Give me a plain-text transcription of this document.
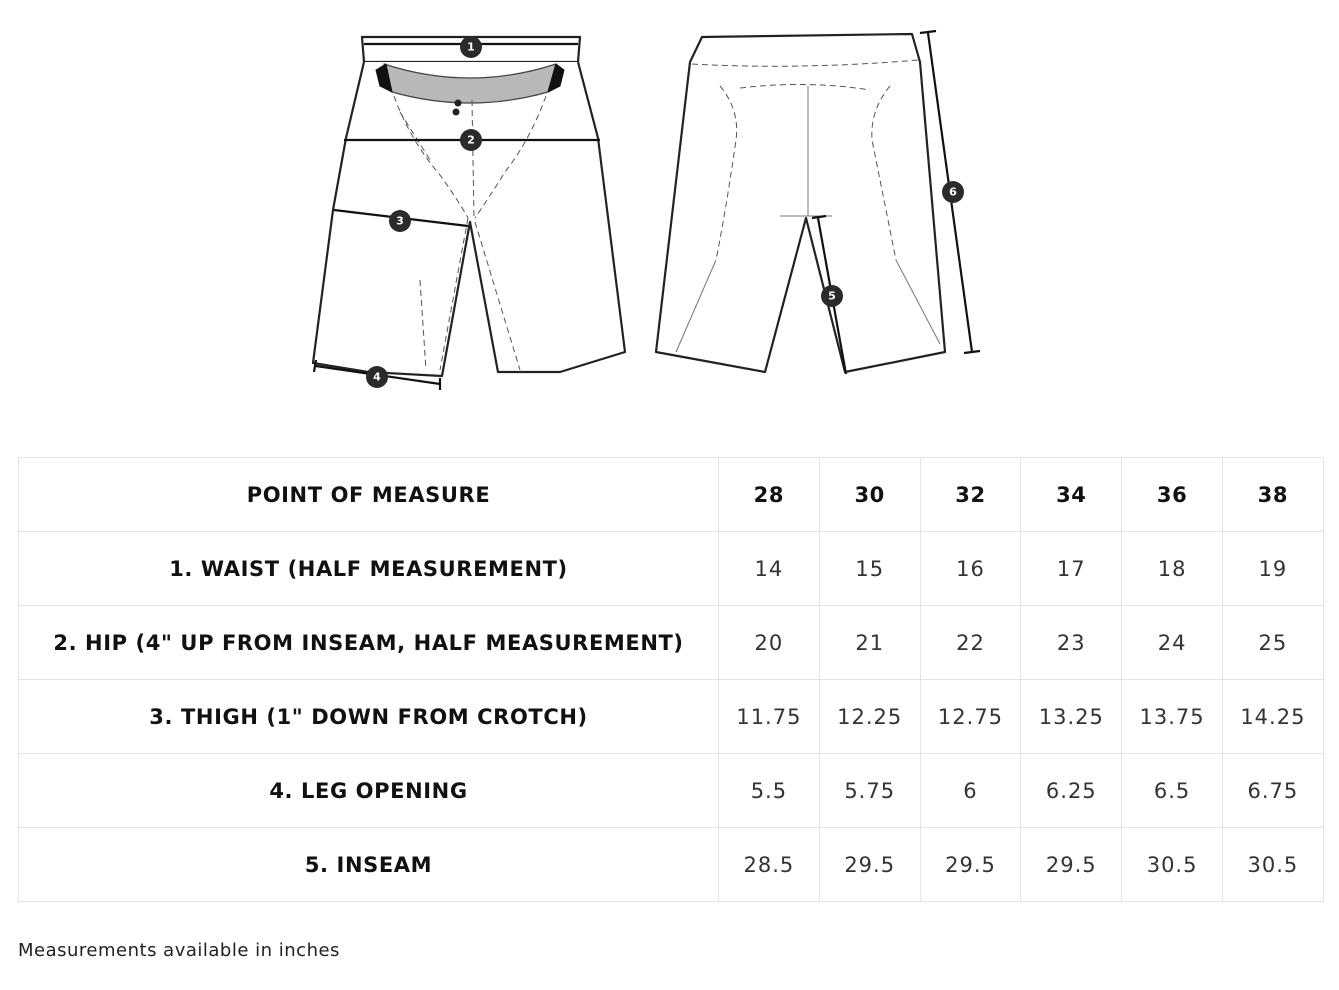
1
2
3
4
5
6
POINT OF MEASURE	28	30	32	34	36	38
1. WAIST (HALF MEASUREMENT)	14	15	16	17	18	19
2. HIP (4" UP FROM INSEAM, HALF MEASUREMENT)	20	21	22	23	24	25
3. THIGH (1" DOWN FROM CROTCH)	11.75	12.25	12.75	13.25	13.75	14.25
4. LEG OPENING	5.5	5.75	6	6.25	6.5	6.75
5. INSEAM	28.5	29.5	29.5	29.5	30.5	30.5
Measurements available in inches
